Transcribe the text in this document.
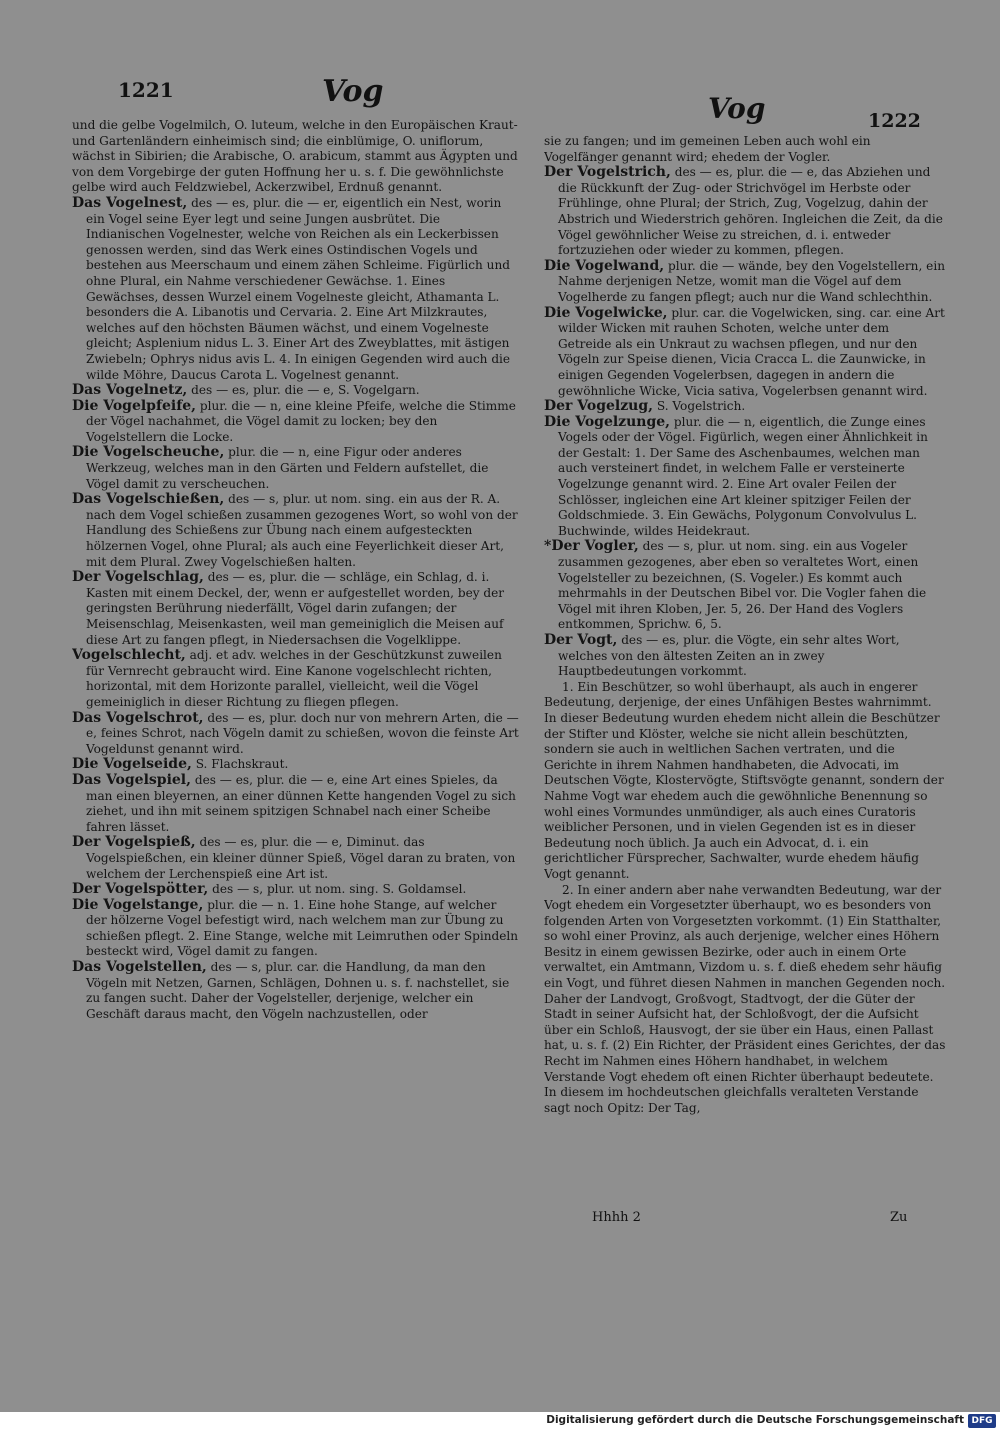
1221	Vog	Vog	1222

und die gelbe Vogelmilch, O. luteum, welche in den Europäischen Kraut- und Gartenländern einheimisch sind; die einblümige, O. uniflorum, wächst in Sibirien; die Arabische, O. arabicum, stammt aus Ägypten und von dem Vorgebirge der guten Hoffnung her u. s. f. Die gewöhnlichste gelbe wird auch Feldzwiebel, Ackerzwibel, Erdnuß genannt.

Das Vogelnest, des — es, plur. die — er, eigentlich ein Nest, worin ein Vogel seine Eyer legt und seine Jungen ausbrütet. Die Indianischen Vogelnester, welche von Reichen als ein Leckerbissen genossen werden, sind das Werk eines Ostindischen Vogels und bestehen aus Meerschaum und einem zähen Schleime. Figürlich und ohne Plural, ein Nahme verschiedener Gewächse. 1. Eines Gewächses, dessen Wurzel einem Vogelneste gleicht, Athamanta L. besonders die A. Libanotis und Cervaria. 2. Eine Art Milzkrautes, welches auf den höchsten Bäumen wächst, und einem Vogelneste gleicht; Asplenium nidus L. 3. Einer Art des Zweyblattes, mit ästigen Zwiebeln; Ophrys nidus avis L. 4. In einigen Gegenden wird auch die wilde Möhre, Daucus Carota L. Vogelnest genannt.

Das Vogelnetz, des — es, plur. die — e, S. Vogelgarn.

Die Vogelpfeife, plur. die — n, eine kleine Pfeife, welche die Stimme der Vögel nachahmet, die Vögel damit zu locken; bey den Vogelstellern die Locke.

Die Vogelscheuche, plur. die — n, eine Figur oder anderes Werkzeug, welches man in den Gärten und Feldern aufstellet, die Vögel damit zu verscheuchen.

Das Vogelschießen, des — s, plur. ut nom. sing. ein aus der R. A. nach dem Vogel schießen zusammen gezogenes Wort, so wohl von der Handlung des Schießens zur Übung nach einem aufgesteckten hölzernen Vogel, ohne Plural; als auch eine Feyerlichkeit dieser Art, mit dem Plural. Zwey Vogelschießen halten.

Der Vogelschlag, des — es, plur. die — schläge, ein Schlag, d. i. Kasten mit einem Deckel, der, wenn er aufgestellet worden, bey der geringsten Berührung niederfällt, Vögel darin zufangen; der Meisenschlag, Meisenkasten, weil man gemeiniglich die Meisen auf diese Art zu fangen pflegt, in Niedersachsen die Vogelklippe.

Vogelschlecht, adj. et adv. welches in der Geschützkunst zuweilen für Vernrecht gebraucht wird. Eine Kanone vogelschlecht richten, horizontal, mit dem Horizonte parallel, vielleicht, weil die Vögel gemeiniglich in dieser Richtung zu fliegen pflegen.

Das Vogelschrot, des — es, plur. doch nur von mehrern Arten, die — e, feines Schrot, nach Vögeln damit zu schießen, wovon die feinste Art Vogeldunst genannt wird.

Die Vogelseide, S. Flachskraut.

Das Vogelspiel, des — es, plur. die — e, eine Art eines Spieles, da man einen bleyernen, an einer dünnen Kette hangenden Vogel zu sich ziehet, und ihn mit seinem spitzigen Schnabel nach einer Scheibe fahren lässet.

Der Vogelspieß, des — es, plur. die — e, Diminut. das Vogelspießchen, ein kleiner dünner Spieß, Vögel daran zu braten, von welchem der Lerchenspieß eine Art ist.

Der Vogelspötter, des — s, plur. ut nom. sing. S. Goldamsel.

Die Vogelstange, plur. die — n. 1. Eine hohe Stange, auf welcher der hölzerne Vogel befestigt wird, nach welchem man zur Übung zu schießen pflegt. 2. Eine Stange, welche mit Leimruthen oder Spindeln besteckt wird, Vögel damit zu fangen.

Das Vogelstellen, des — s, plur. car. die Handlung, da man den Vögeln mit Netzen, Garnen, Schlägen, Dohnen u. s. f. nachstellet, sie zu fangen sucht. Daher der Vogelsteller, derjenige, welcher ein Geschäft daraus macht, den Vögeln nachzustellen, oder

sie zu fangen; und im gemeinen Leben auch wohl ein Vogelfänger genannt wird; ehedem der Vogler.

Der Vogelstrich, des — es, plur. die — e, das Abziehen und die Rückkunft der Zug- oder Strichvögel im Herbste oder Frühlinge, ohne Plural; der Strich, Zug, Vogelzug, dahin der Abstrich und Wiederstrich gehören. Ingleichen die Zeit, da die Vögel gewöhnlicher Weise zu streichen, d. i. entweder fortzuziehen oder wieder zu kommen, pflegen.

Die Vogelwand, plur. die — wände, bey den Vogelstellern, ein Nahme derjenigen Netze, womit man die Vögel auf dem Vogelherde zu fangen pflegt; auch nur die Wand schlechthin.

Die Vogelwicke, plur. car. die Vogelwicken, sing. car. eine Art wilder Wicken mit rauhen Schoten, welche unter dem Getreide als ein Unkraut zu wachsen pflegen, und nur den Vögeln zur Speise dienen, Vicia Cracca L. die Zaunwicke, in einigen Gegenden Vogelerbsen, dagegen in andern die gewöhnliche Wicke, Vicia sativa, Vogelerbsen genannt wird.

Der Vogelzug, S. Vogelstrich.

Die Vogelzunge, plur. die — n, eigentlich, die Zunge eines Vogels oder der Vögel. Figürlich, wegen einer Ähnlichkeit in der Gestalt: 1. Der Same des Aschenbaumes, welchen man auch versteinert findet, in welchem Falle er versteinerte Vogelzunge genannt wird. 2. Eine Art ovaler Feilen der Schlösser, ingleichen eine Art kleiner spitziger Feilen der Goldschmiede. 3. Ein Gewächs, Polygonum Convolvulus L. Buchwinde, wildes Heidekraut.

*Der Vogler, des — s, plur. ut nom. sing. ein aus Vogeler zusammen gezogenes, aber eben so veraltetes Wort, einen Vogelsteller zu bezeichnen, (S. Vogeler.) Es kommt auch mehrmahls in der Deutschen Bibel vor. Die Vogler fahen die Vögel mit ihren Kloben, Jer. 5, 26. Der Hand des Voglers entkommen, Sprichw. 6, 5.

Der Vogt, des — es, plur. die Vögte, ein sehr altes Wort, welches von den ältesten Zeiten an in zwey Hauptbedeutungen vorkommt.

1. Ein Beschützer, so wohl überhaupt, als auch in engerer Bedeutung, derjenige, der eines Unfähigen Bestes wahrnimmt. In dieser Bedeutung wurden ehedem nicht allein die Beschützer der Stifter und Klöster, welche sie nicht allein beschützten, sondern sie auch in weltlichen Sachen vertraten, und die Gerichte in ihrem Nahmen handhabeten, die Advocati, im Deutschen Vögte, Klostervögte, Stiftsvögte genannt, sondern der Nahme Vogt war ehedem auch die gewöhnliche Benennung so wohl eines Vormundes unmündiger, als auch eines Curatoris weiblicher Personen, und in vielen Gegenden ist es in dieser Bedeutung noch üblich. Ja auch ein Advocat, d. i. ein gerichtlicher Fürsprecher, Sachwalter, wurde ehedem häufig Vogt genannt.

2. In einer andern aber nahe verwandten Bedeutung, war der Vogt ehedem ein Vorgesetzter überhaupt, wo es besonders von folgenden Arten von Vorgesetzten vorkommt. (1) Ein Statthalter, so wohl einer Provinz, als auch derjenige, welcher eines Höhern Besitz in einem gewissen Bezirke, oder auch in einem Orte verwaltet, ein Amtmann, Vizdom u. s. f. dieß ehedem sehr häufig ein Vogt, und führet diesen Nahmen in manchen Gegenden noch. Daher der Landvogt, Großvogt, Stadtvogt, der die Güter der Stadt in seiner Aufsicht hat, der Schloßvogt, der die Aufsicht über ein Schloß, Hausvogt, der sie über ein Haus, einen Pallast hat, u. s. f. (2) Ein Richter, der Präsident eines Gerichtes, der das Recht im Nahmen eines Höhern handhabet, in welchem Verstande Vogt ehedem oft einen Richter überhaupt bedeutete. In diesem im hochdeutschen gleichfalls veralteten Verstande sagt noch Opitz: Der Tag,

Hhhh 2	Zu
Digitalisierung gefördert durch die Deutsche Forschungsgemeinschaft DFG
